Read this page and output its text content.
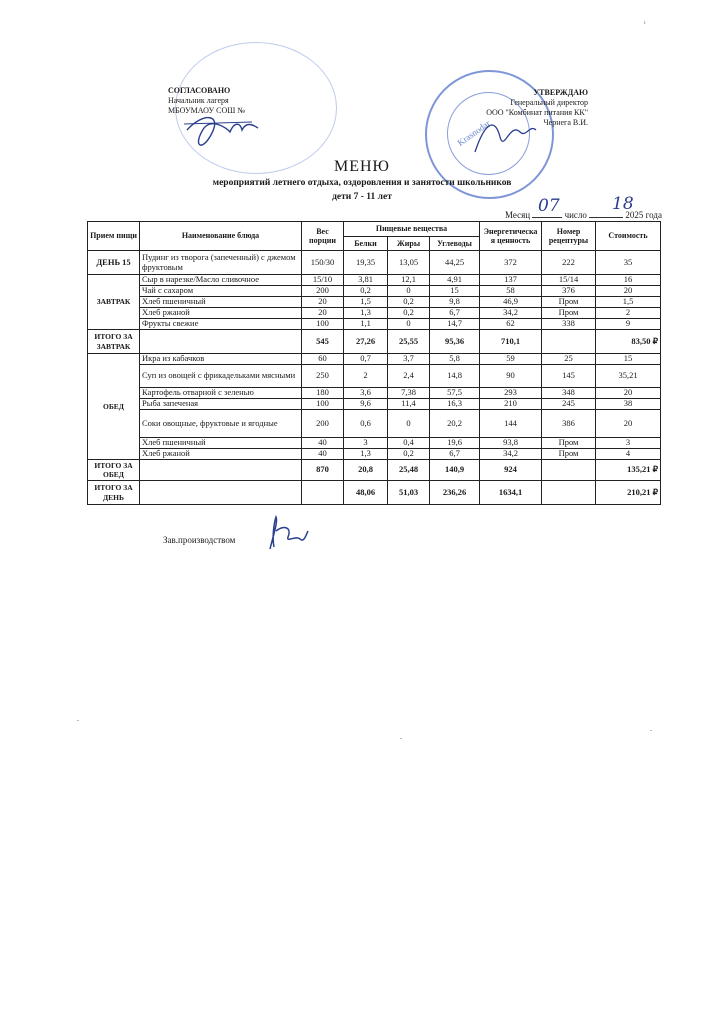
Krasnodar
ı
СОГЛАСОВАНО
Начальник лагеря
МБОУМАОУ СОШ №
УТВЕРЖДАЮ
Генеральный директор
ООО "Комбинат питания КК"
Чернега В.И.
МЕНЮ
мероприятий летнего отдыха, оздоровления и занятости школьников
дети 7 - 11 лет
Месяц 07 число
18
2025 года
Прием пищи	Наименование блюда	Вес порции	Пищевые вещества			Энергетическа я ценность	Номер рецептуры	Стоимость
			Белки	Жиры	Углеводы			
ДЕНЬ 15	Пудинг из творога (запеченный) с джемом фруктовым	150/30	19,35	13,05	44,25	372	222	35
ЗАВТРАК	Сыр в нарезке/Масло сливочное	15/10	3,81	12,1	4,91	137	15/14	16
	Чай с сахаром	200	0,2	0	15	58	376	20
	Хлеб пшеничный	20	1,5	0,2	9,8	46,9	Пром	1,5
	Хлеб ржаной	20	1,3	0,2	6,7	34,2	Пром	2
	Фрукты свежие	100	1,1	0	14,7	62	338	9
ИТОГО ЗА ЗАВТРАК		545	27,26	25,55	95,36	710,1		83,50 ₽
ОБЕД	Икра из кабачков	60	0,7	3,7	5,8	59	25	15
	Суп из овощей с фрикадельками мясными	250	2	2,4	14,8	90	145	35,21
	Картофель отварной с зеленью	180	3,6	7,38	57,5	293	348	20
	Рыба запеченая	100	9,6	11,4	16,3	210	245	38
	Соки овощные, фруктовые и ягодные	200	0,6	0	20,2	144	386	20
	Хлеб пшеничный	40	3	0,4	19,6	93,8	Пром	3
	Хлеб ржаной	40	1,3	0,2	6,7	34,2	Пром	4
ИТОГО ЗА ОБЕД		870	20,8	25,48	140,9	924		135,21 ₽
ИТОГО ЗА ДЕНЬ			48,06	51,03	236,26	1634,1		210,21 ₽
Зав.производством
